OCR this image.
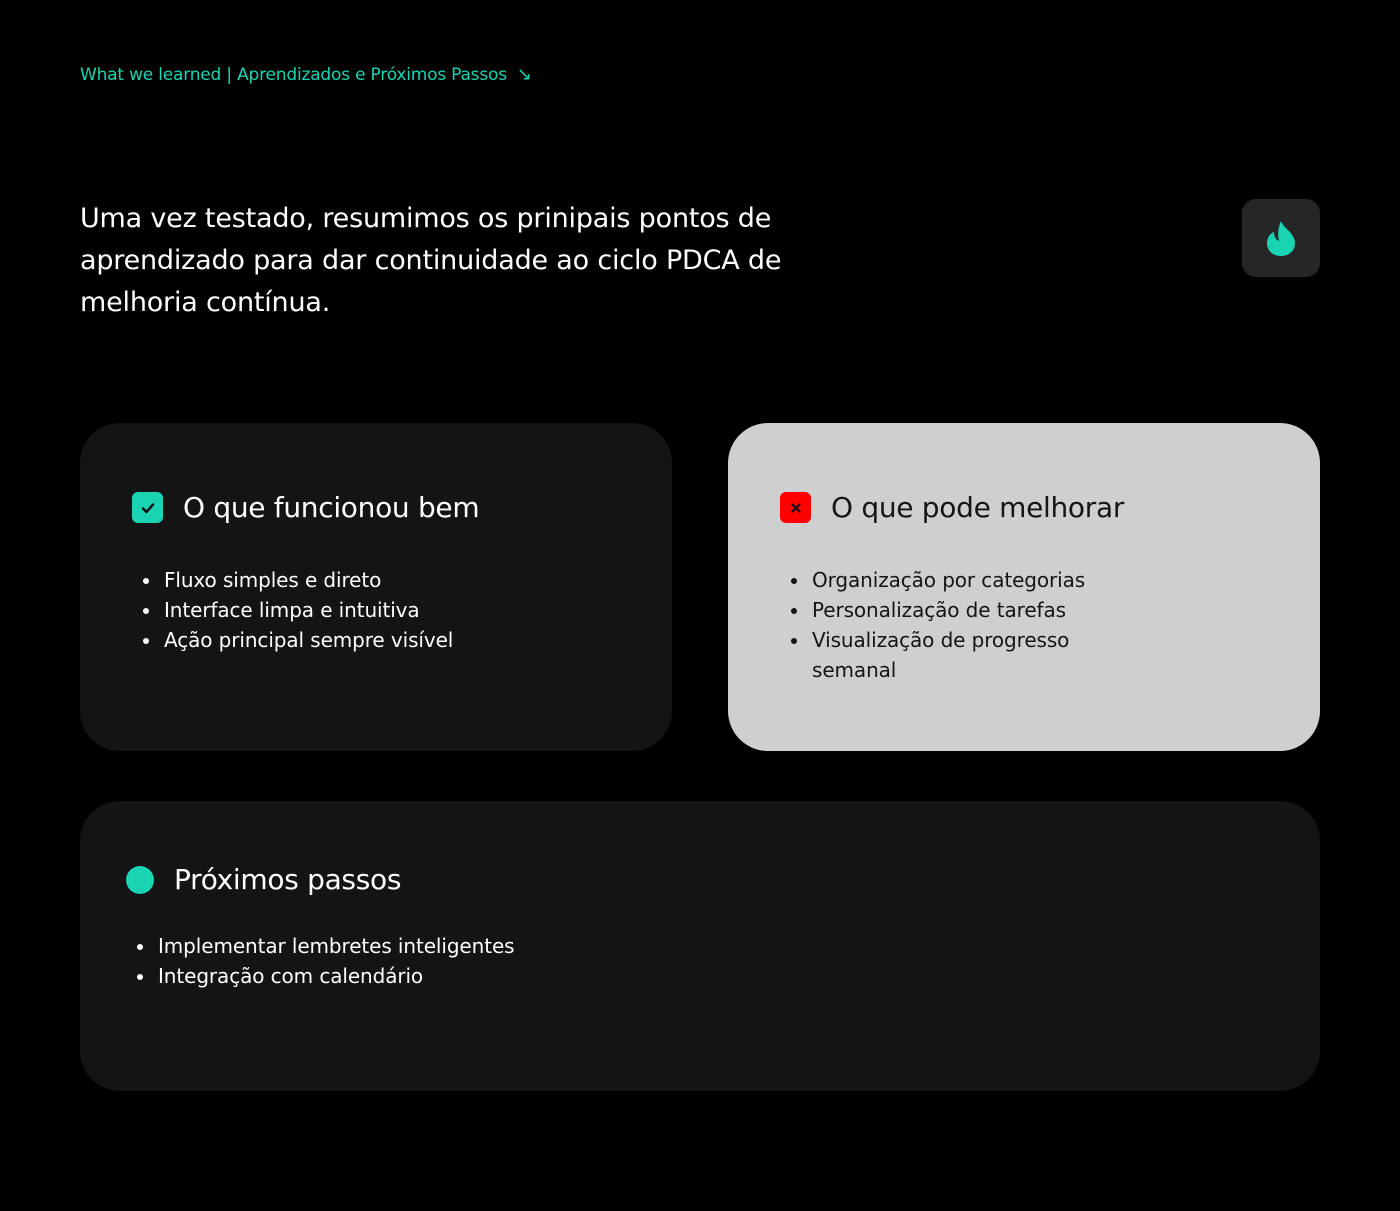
What we learned | Aprendizados e Próximos Passos ↘

Uma vez testado, resumimos os prinipais pontos de aprendizado para dar continuidade ao ciclo PDCA de melhoria contínua.

O que funcionou bem
• Fluxo simples e direto
• Interface limpa e intuitiva
• Ação principal sempre visível
O que pode melhorar
• Organização por categorias
• Personalização de tarefas
• Visualização de progresso semanal
Próximos passos
• Implementar lembretes inteligentes
• Integração com calendário
